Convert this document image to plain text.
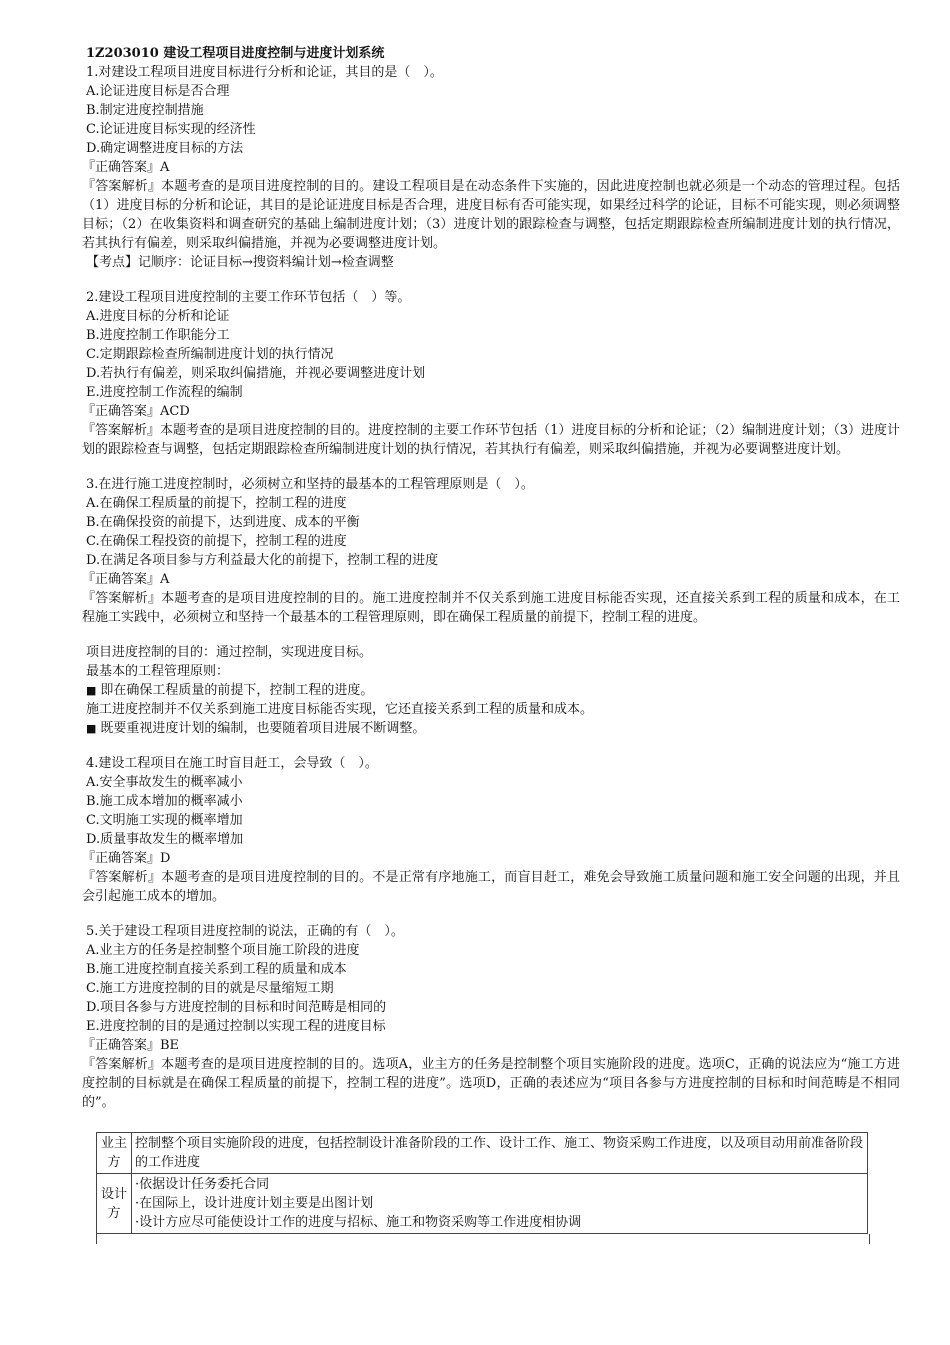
1Z203010 建设工程项目进度控制与进度计划系统
1.对建设工程项目进度目标进行分析和论证，其目的是（　）。
A.论证进度目标是否合理
B.制定进度控制措施
C.论证进度目标实现的经济性
D.确定调整进度目标的方法
『正确答案』A
『答案解析』本题考查的是项目进度控制的目的。建设工程项目是在动态条件下实施的，因此进度控制也就必须是一个动态的管理过程。包括（1）进度目标的分析和论证，其目的是论证进度目标是否合理，进度目标有否可能实现，如果经过科学的论证，目标不可能实现，则必须调整目标；（2）在收集资料和调查研究的基础上编制进度计划；（3）进度计划的跟踪检查与调整，包括定期跟踪检查所编制进度计划的执行情况，若其执行有偏差，则采取纠偏措施，并视为必要调整进度计划。
【考点】记顺序：论证目标→搜资料编计划→检查调整
2.建设工程项目进度控制的主要工作环节包括（　）等。
A.进度目标的分析和论证
B.进度控制工作职能分工
C.定期跟踪检查所编制进度计划的执行情况
D.若执行有偏差，则采取纠偏措施，并视必要调整进度计划
E.进度控制工作流程的编制
『正确答案』ACD
『答案解析』本题考查的是项目进度控制的目的。进度控制的主要工作环节包括（1）进度目标的分析和论证；（2）编制进度计划；（3）进度计划的跟踪检查与调整，包括定期跟踪检查所编制进度计划的执行情况，若其执行有偏差，则采取纠偏措施，并视为必要调整进度计划。
3.在进行施工进度控制时，必须树立和坚持的最基本的工程管理原则是（　）。
A.在确保工程质量的前提下，控制工程的进度
B.在确保投资的前提下，达到进度、成本的平衡
C.在确保工程投资的前提下，控制工程的进度
D.在满足各项目参与方利益最大化的前提下，控制工程的进度
『正确答案』A
『答案解析』本题考查的是项目进度控制的目的。施工进度控制并不仅关系到施工进度目标能否实现，还直接关系到工程的质量和成本，在工程施工实践中，必须树立和坚持一个最基本的工程管理原则，即在确保工程质量的前提下，控制工程的进度。
项目进度控制的目的：通过控制，实现进度目标。
最基本的工程管理原则：
■ 即在确保工程质量的前提下，控制工程的进度。
施工进度控制并不仅关系到施工进度目标能否实现，它还直接关系到工程的质量和成本。
■ 既要重视进度计划的编制，也要随着项目进展不断调整。
4.建设工程项目在施工时盲目赶工，会导致（　）。
A.安全事故发生的概率减小
B.施工成本增加的概率减小
C.文明施工实现的概率增加
D.质量事故发生的概率增加
『正确答案』D
『答案解析』本题考查的是项目进度控制的目的。不是正常有序地施工，而盲目赶工，难免会导致施工质量问题和施工安全问题的出现，并且会引起施工成本的增加。
5.关于建设工程项目进度控制的说法，正确的有（　）。
A.业主方的任务是控制整个项目施工阶段的进度
B.施工进度控制直接关系到工程的质量和成本
C.施工方进度控制的目的就是尽量缩短工期
D.项目各参与方进度控制的目标和时间范畴是相同的
E.进度控制的目的是通过控制以实现工程的进度目标
『正确答案』BE
『答案解析』本题考查的是项目进度控制的目的。选项A，业主方的任务是控制整个项目实施阶段的进度。选项C，正确的说法应为“施工方进度控制的目标就是在确保工程质量的前提下，控制工程的进度”。选项D，正确的表述应为“项目各参与方进度控制的目标和时间范畴是不相同的”。
业主方	控制整个项目实施阶段的进度，包括控制设计准备阶段的工作、设计工作、施工、物资采购工作进度，以及项目动用前准备阶段的工作进度

设计方	·依据设计任务委托合同
·在国际上，设计进度计划主要是出图计划
·设计方应尽可能使设计工作的进度与招标、施工和物资采购等工作进度相协调
